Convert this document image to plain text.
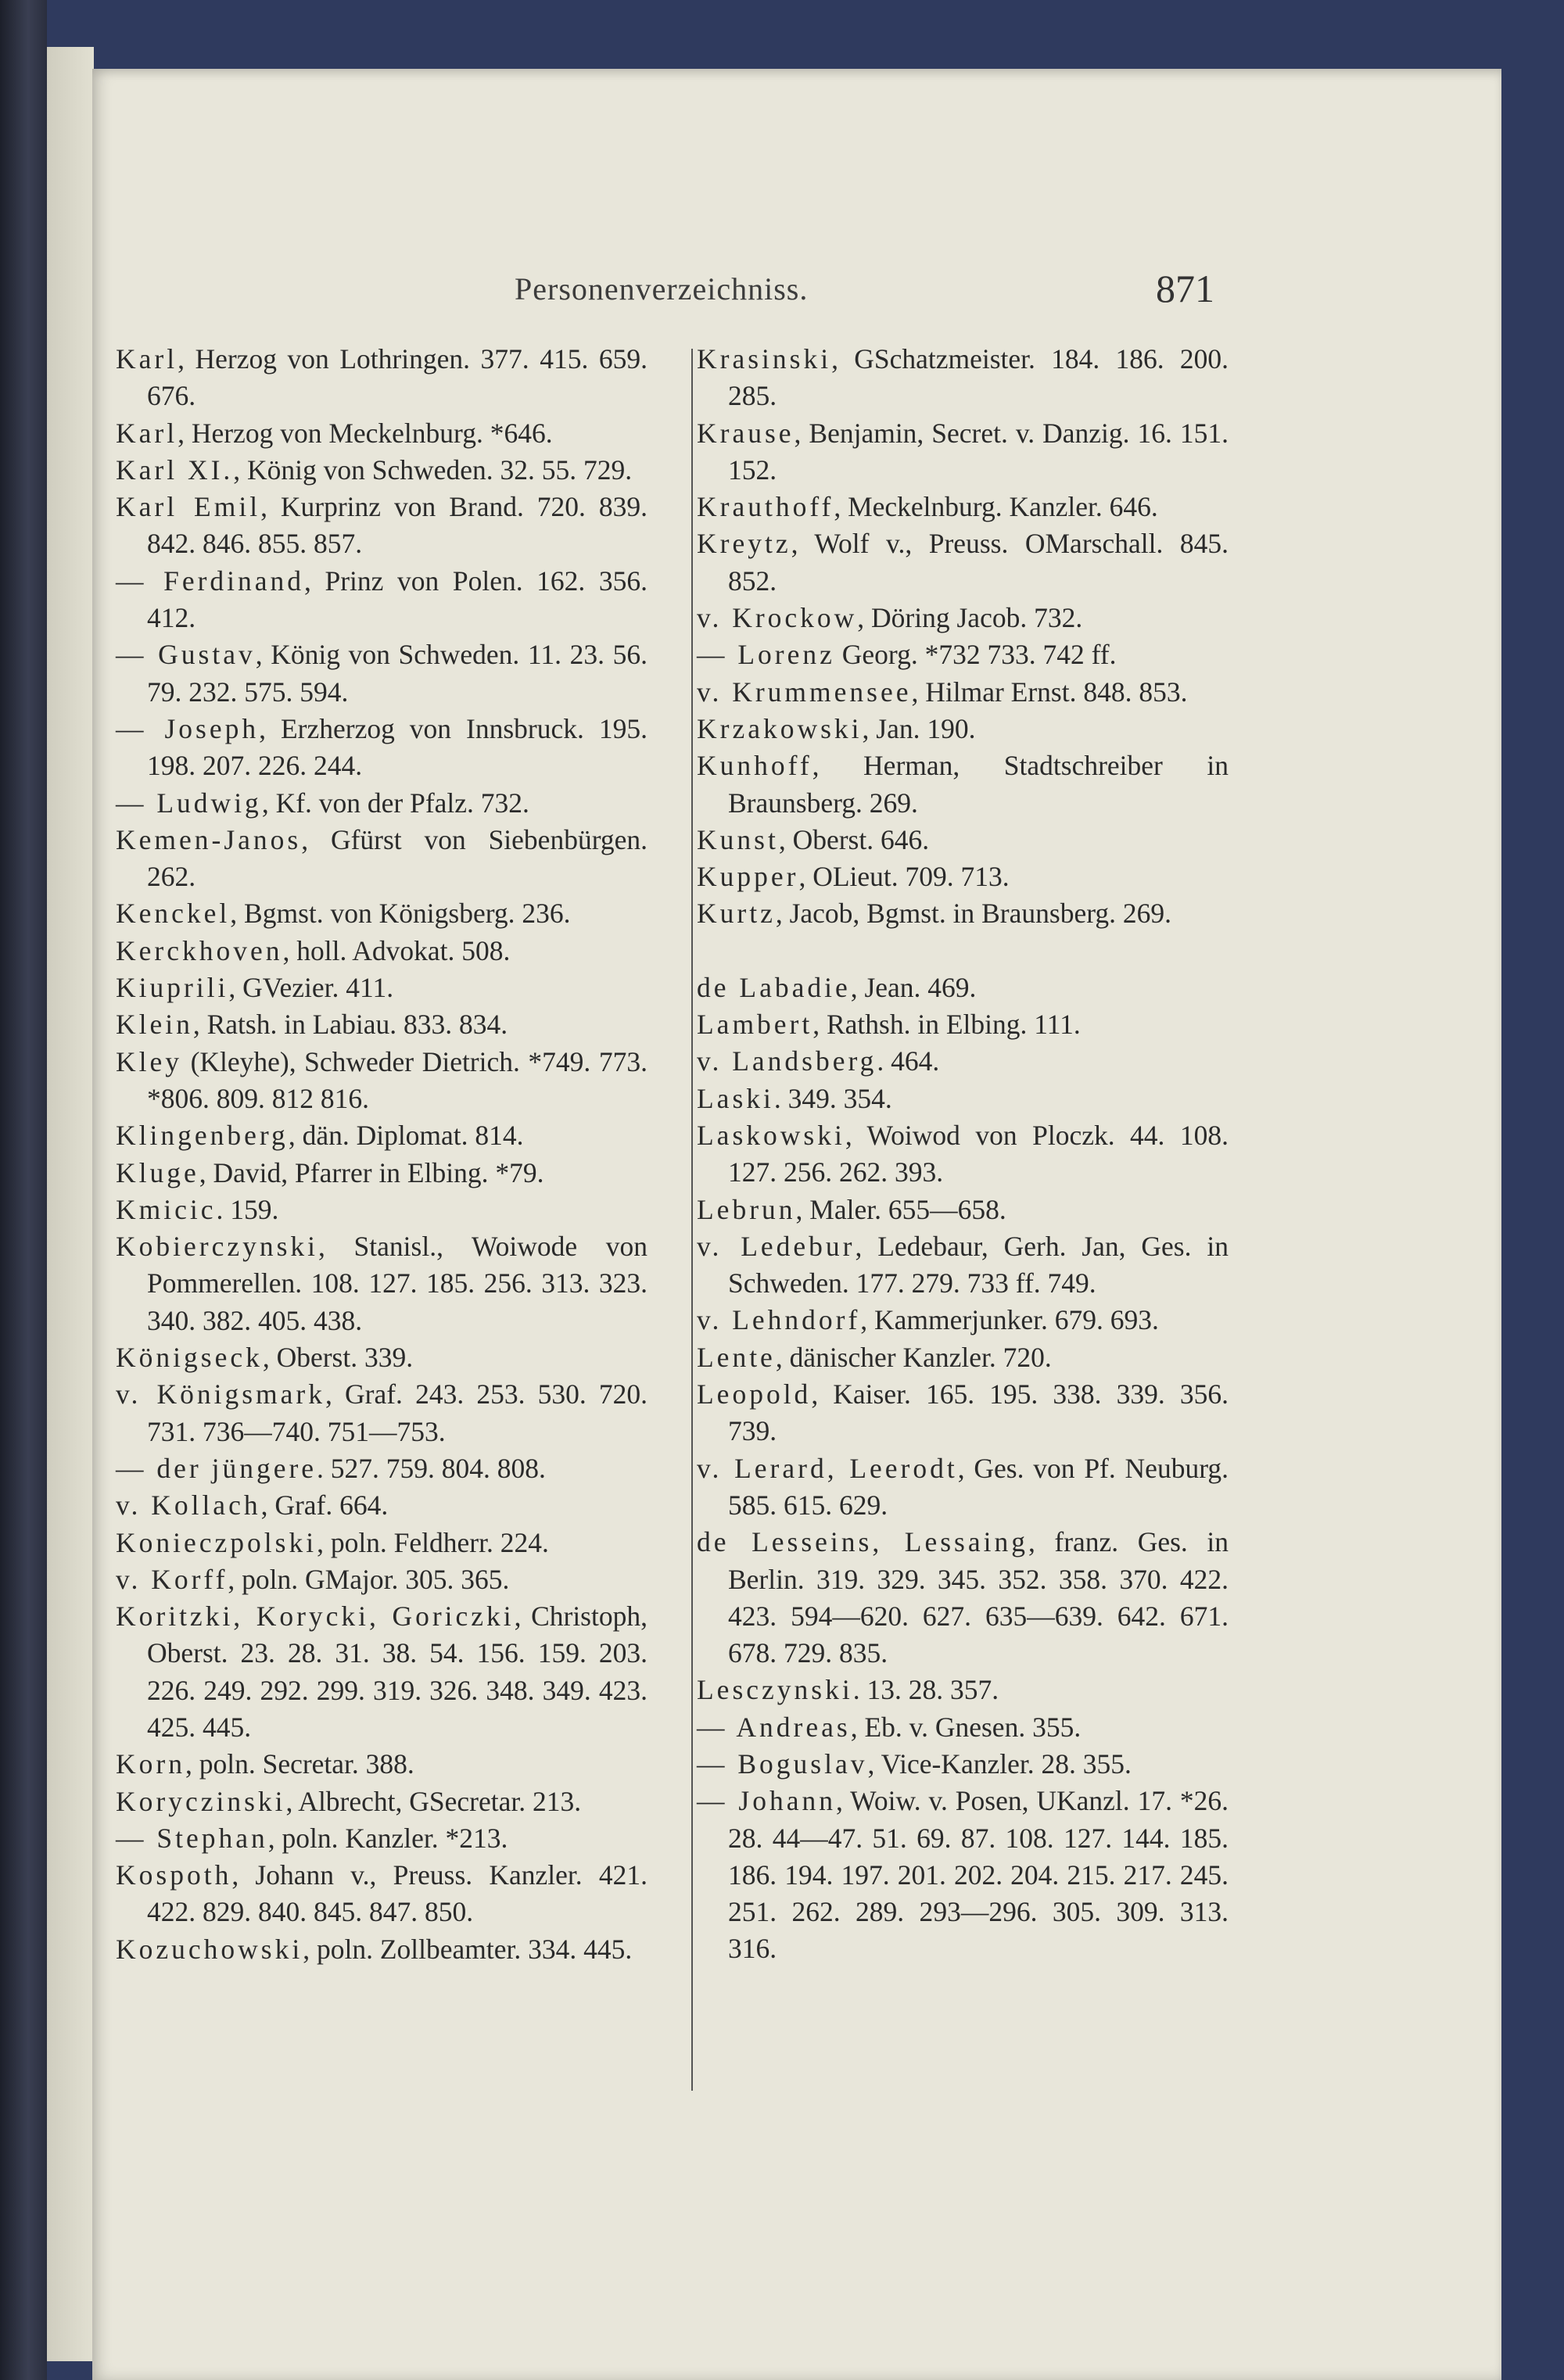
Personenverzeichniss.	871
Karl, Herzog von Lothringen. 377. 415. 659. 676.
Karl, Herzog von Meckelnburg. *646.
Karl XI., König von Schweden. 32. 55. 729.
Karl Emil, Kurprinz von Brand. 720. 839. 842. 846. 855. 857.
— Ferdinand, Prinz von Polen. 162. 356. 412.
— Gustav, König von Schweden. 11. 23. 56. 79. 232. 575. 594.
— Joseph, Erzherzog von Innsbruck. 195. 198. 207. 226. 244.
— Ludwig, Kf. von der Pfalz. 732.
Kemen-Janos, Gfürst von Siebenbürgen. 262.
Kenckel, Bgmst. von Königsberg. 236.
Kerckhoven, holl. Advokat. 508.
Kiuprili, GVezier. 411.
Klein, Ratsh. in Labiau. 833. 834.
Kley (Kleyhe), Schweder Dietrich. *749. 773. *806. 809. 812 816.
Klingenberg, dän. Diplomat. 814.
Kluge, David, Pfarrer in Elbing. *79.
Kmicic. 159.
Kobierczynski, Stanisl., Woiwode von Pommerellen. 108. 127. 185. 256. 313. 323. 340. 382. 405. 438.
Königseck, Oberst. 339.
v. Königsmark, Graf. 243. 253. 530. 720. 731. 736—740. 751—753.
— der jüngere. 527. 759. 804. 808.
v. Kollach, Graf. 664.
Konieczpolski, poln. Feldherr. 224.
v. Korff, poln. GMajor. 305. 365.
Koritzki, Korycki, Goriczki, Christoph, Oberst. 23. 28. 31. 38. 54. 156. 159. 203. 226. 249. 292. 299. 319. 326. 348. 349. 423. 425. 445.
Korn, poln. Secretar. 388.
Koryczinski, Albrecht, GSecretar. 213.
— Stephan, poln. Kanzler. *213.
Kospoth, Johann v., Preuss. Kanzler. 421. 422. 829. 840. 845. 847. 850.
Kozuchowski, poln. Zollbeamter. 334. 445.
Krasinski, GSchatzmeister. 184. 186. 200. 285.
Krause, Benjamin, Secret. v. Danzig. 16. 151. 152.
Krauthoff, Meckelnburg. Kanzler. 646.
Kreytz, Wolf v., Preuss. OMarschall. 845. 852.
v. Krockow, Döring Jacob. 732.
— Lorenz Georg. *732 733. 742 ff.
v. Krummensee, Hilmar Ernst. 848. 853.
Krzakowski, Jan. 190.
Kunhoff, Herman, Stadtschreiber in Braunsberg. 269.
Kunst, Oberst. 646.
Kupper, OLieut. 709. 713.
Kurtz, Jacob, Bgmst. in Braunsberg. 269.
de Labadie, Jean. 469.
Lambert, Rathsh. in Elbing. 111.
v. Landsberg. 464.
Laski. 349. 354.
Laskowski, Woiwod von Ploczk. 44. 108. 127. 256. 262. 393.
Lebrun, Maler. 655—658.
v. Ledebur, Ledebaur, Gerh. Jan, Ges. in Schweden. 177. 279. 733 ff. 749.
v. Lehndorf, Kammerjunker. 679. 693.
Lente, dänischer Kanzler. 720.
Leopold, Kaiser. 165. 195. 338. 339. 356. 739.
v. Lerard, Leerodt, Ges. von Pf. Neuburg. 585. 615. 629.
de Lesseins, Lessaing, franz. Ges. in Berlin. 319. 329. 345. 352. 358. 370. 422. 423. 594—620. 627. 635—639. 642. 671. 678. 729. 835.
Lesczynski. 13. 28. 357.
— Andreas, Eb. v. Gnesen. 355.
— Boguslav, Vice-Kanzler. 28. 355.
— Johann, Woiw. v. Posen, UKanzl. 17. *26. 28. 44—47. 51. 69. 87. 108. 127. 144. 185. 186. 194. 197. 201. 202. 204. 215. 217. 245. 251. 262. 289. 293—296. 305. 309. 313. 316.
